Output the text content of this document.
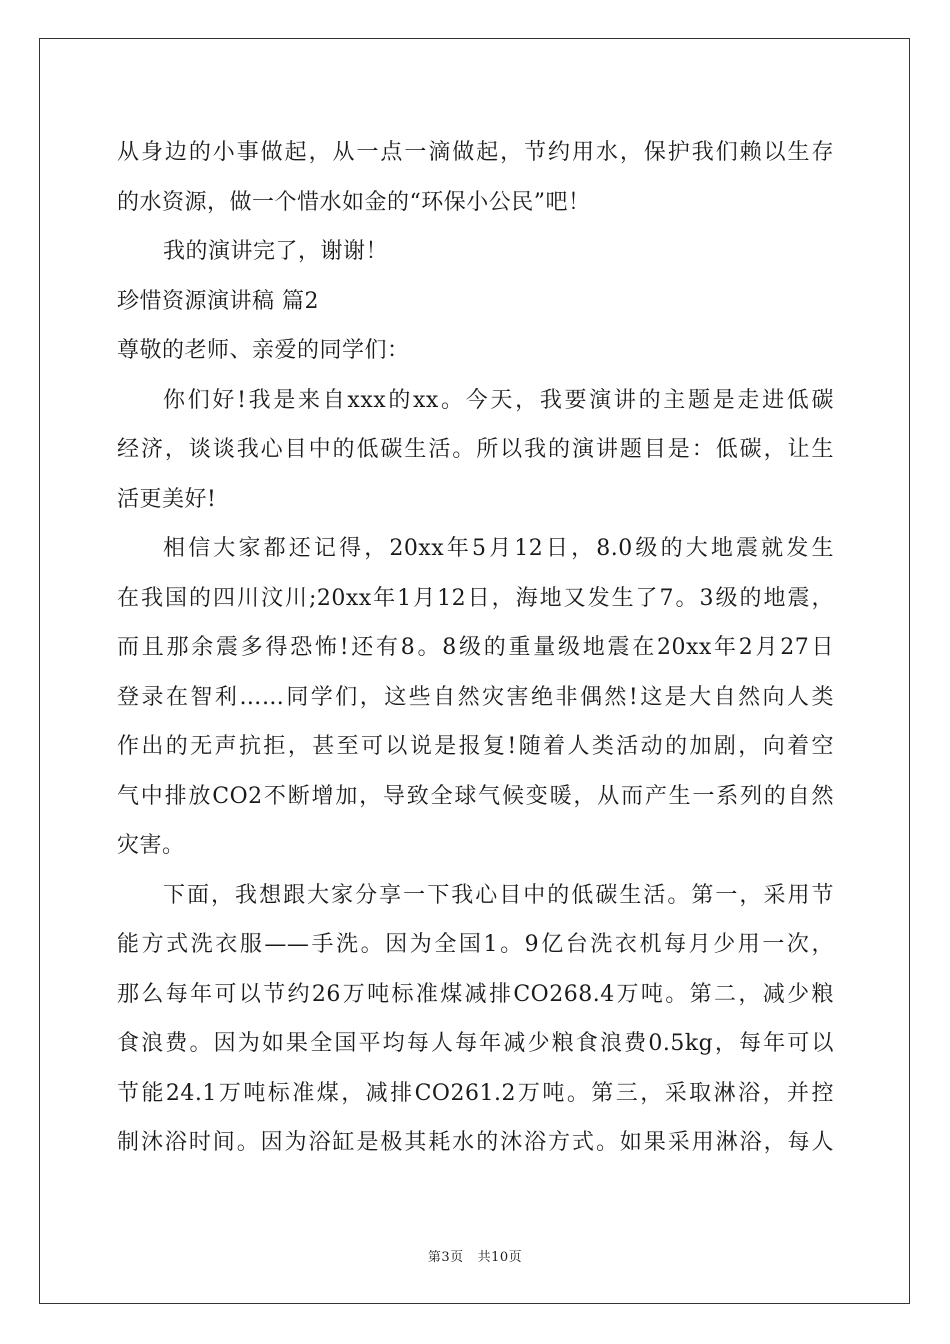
从身边的小事做起，从一点一滴做起，节约用水，保护我们赖以生存
的水资源，做一个惜水如金的“环保小公民”吧！
我的演讲完了，谢谢！
珍惜资源演讲稿 篇2
尊敬的老师、亲爱的同学们：
你们好!我是来自xxx的xx。今天，我要演讲的主题是走进低碳
经济，谈谈我心目中的低碳生活。所以我的演讲题目是：低碳，让生
活更美好!
相信大家都还记得，20xx年5月12日，8.0级的大地震就发生
在我国的四川汶川;20xx年1月12日，海地又发生了7。3级的地震，
而且那余震多得恐怖!还有8。8级的重量级地震在20xx年2月27日
登录在智利……同学们，这些自然灾害绝非偶然!这是大自然向人类
作出的无声抗拒，甚至可以说是报复!随着人类活动的加剧，向着空
气中排放CO2不断增加，导致全球气候变暖，从而产生一系列的自然
灾害。
下面，我想跟大家分享一下我心目中的低碳生活。第一，采用节
能方式洗衣服——手洗。因为全国1。9亿台洗衣机每月少用一次，
那么每年可以节约26万吨标准煤减排CO268.4万吨。第二，减少粮
食浪费。因为如果全国平均每人每年减少粮食浪费0.5kg，每年可以
节能24.1万吨标准煤，减排CO261.2万吨。第三，采取淋浴，并控
制沐浴时间。因为浴缸是极其耗水的沐浴方式。如果采用淋浴，每人
第3页 共10页
